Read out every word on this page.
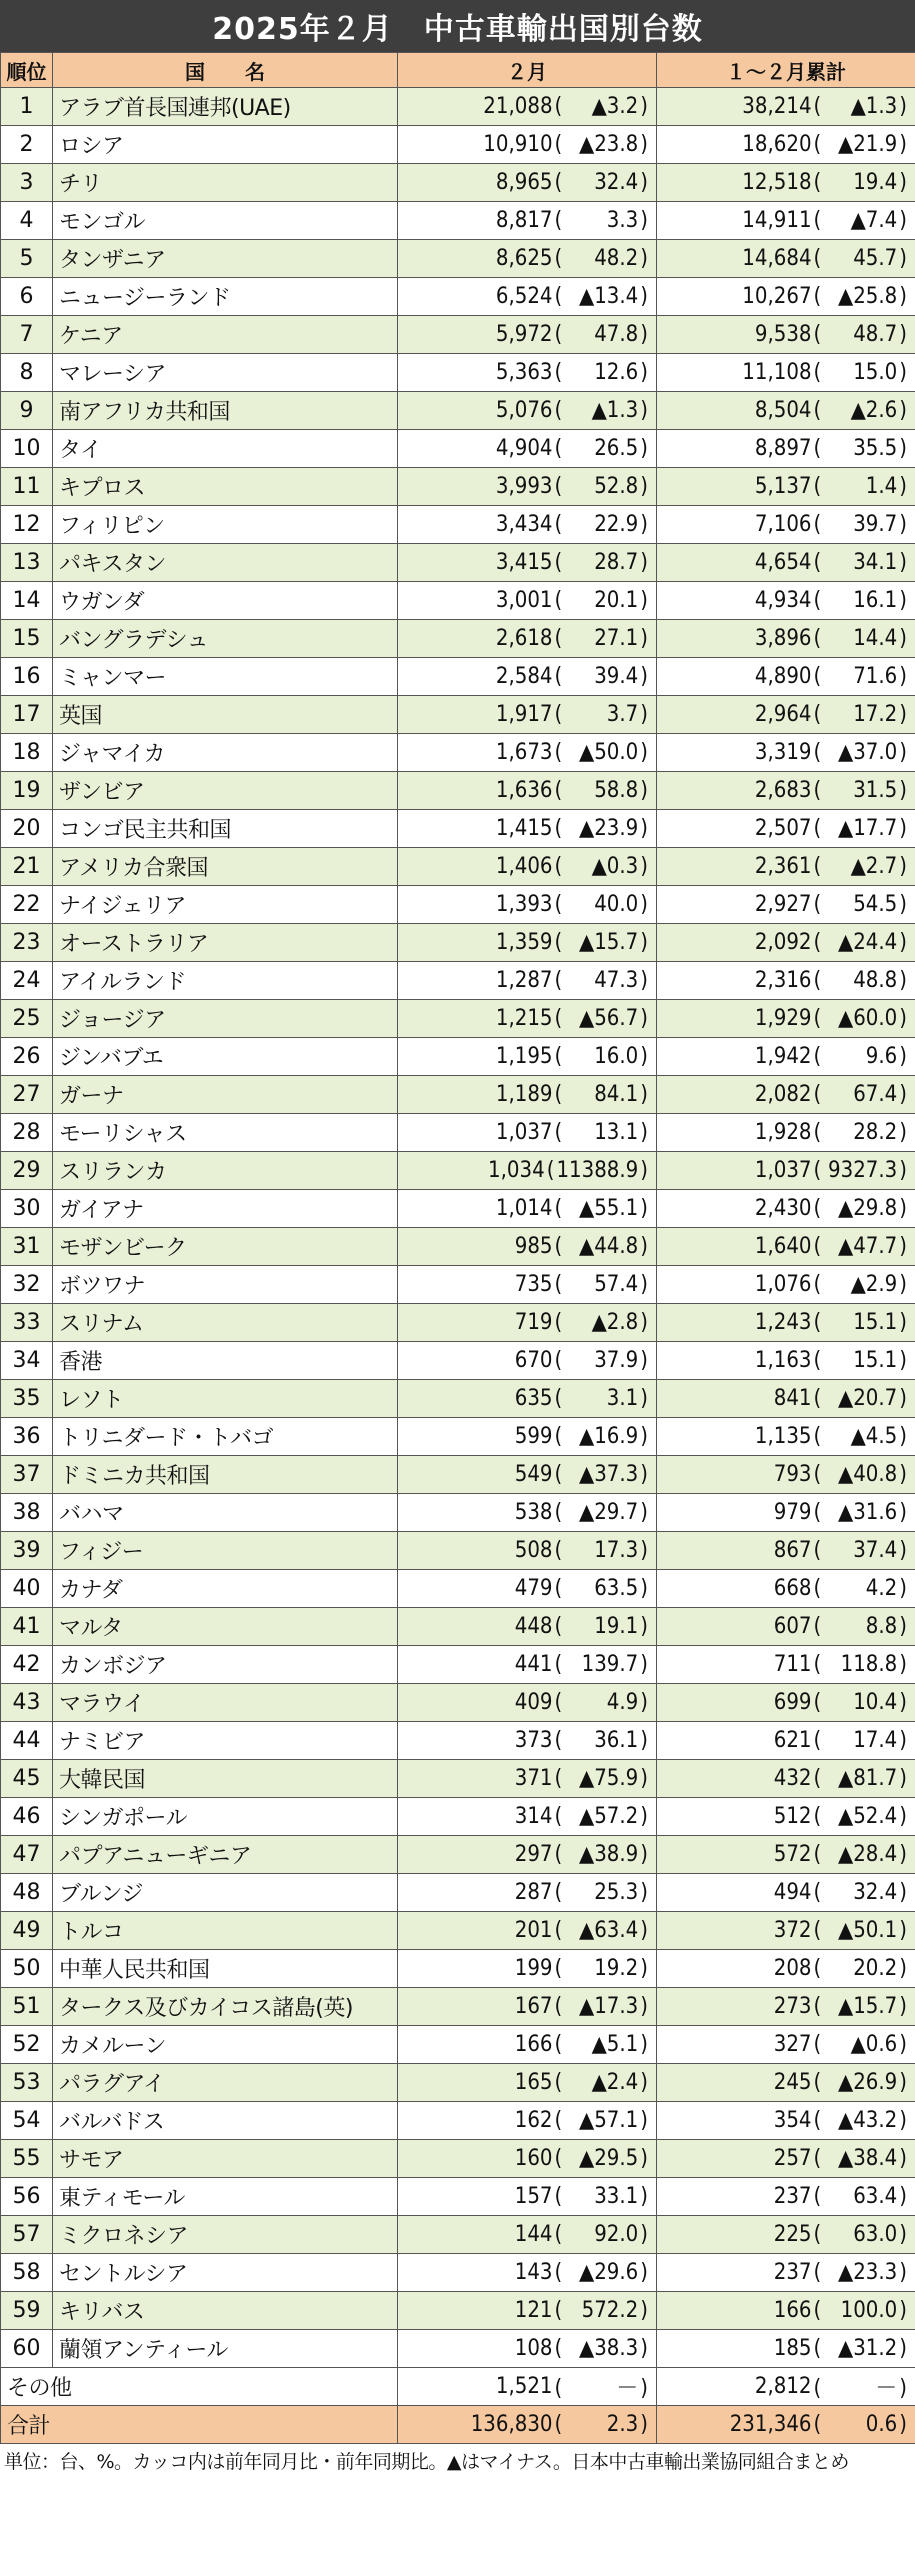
2025年２月　中古車輸出国別台数
順位	国　　名	２月	１～２月累計
1	アラブ首長国連邦(UAE)	21,088 ( ▲3.2)	38,214 ( ▲1.3)

2	ロシア	10,910 ( ▲23.8)	18,620 ( ▲21.9)

3	チリ	8,965 ( 32.4)	12,518 ( 19.4)

4	モンゴル	8,817 ( 3.3)	14,911 ( ▲7.4)

5	タンザニア	8,625 ( 48.2)	14,684 ( 45.7)

6	ニュージーランド	6,524 ( ▲13.4)	10,267 ( ▲25.8)

7	ケニア	5,972 ( 47.8)	9,538 ( 48.7)

8	マレーシア	5,363 ( 12.6)	11,108 ( 15.0)

9	南アフリカ共和国	5,076 ( ▲1.3)	8,504 ( ▲2.6)

10	タイ	4,904 ( 26.5)	8,897 ( 35.5)

11	キプロス	3,993 ( 52.8)	5,137 ( 1.4)

12	フィリピン	3,434 ( 22.9)	7,106 ( 39.7)

13	パキスタン	3,415 ( 28.7)	4,654 ( 34.1)

14	ウガンダ	3,001 ( 20.1)	4,934 ( 16.1)

15	バングラデシュ	2,618 ( 27.1)	3,896 ( 14.4)

16	ミャンマー	2,584 ( 39.4)	4,890 ( 71.6)

17	英国	1,917 ( 3.7)	2,964 ( 17.2)

18	ジャマイカ	1,673 ( ▲50.0)	3,319 ( ▲37.0)

19	ザンビア	1,636 ( 58.8)	2,683 ( 31.5)

20	コンゴ民主共和国	1,415 ( ▲23.9)	2,507 ( ▲17.7)

21	アメリカ合衆国	1,406 ( ▲0.3)	2,361 ( ▲2.7)

22	ナイジェリア	1,393 ( 40.0)	2,927 ( 54.5)

23	オーストラリア	1,359 ( ▲15.7)	2,092 ( ▲24.4)

24	アイルランド	1,287 ( 47.3)	2,316 ( 48.8)

25	ジョージア	1,215 ( ▲56.7)	1,929 ( ▲60.0)

26	ジンバブエ	1,195 ( 16.0)	1,942 ( 9.6)

27	ガーナ	1,189 ( 84.1)	2,082 ( 67.4)

28	モーリシャス	1,037 ( 13.1)	1,928 ( 28.2)

29	スリランカ	1,034 (11388.9)	1,037 ( 9327.3)

30	ガイアナ	1,014 ( ▲55.1)	2,430 ( ▲29.8)

31	モザンビーク	985 ( ▲44.8)	1,640 ( ▲47.7)

32	ボツワナ	735 ( 57.4)	1,076 ( ▲2.9)

33	スリナム	719 ( ▲2.8)	1,243 ( 15.1)

34	香港	670 ( 37.9)	1,163 ( 15.1)

35	レソト	635 ( 3.1)	841 ( ▲20.7)

36	トリニダード・トバゴ	599 ( ▲16.9)	1,135 ( ▲4.5)

37	ドミニカ共和国	549 ( ▲37.3)	793 ( ▲40.8)

38	バハマ	538 ( ▲29.7)	979 ( ▲31.6)

39	フィジー	508 ( 17.3)	867 ( 37.4)

40	カナダ	479 ( 63.5)	668 ( 4.2)

41	マルタ	448 ( 19.1)	607 ( 8.8)

42	カンボジア	441 ( 139.7)	711 ( 118.8)

43	マラウイ	409 ( 4.9)	699 ( 10.4)

44	ナミビア	373 ( 36.1)	621 ( 17.4)

45	大韓民国	371 ( ▲75.9)	432 ( ▲81.7)

46	シンガポール	314 ( ▲57.2)	512 ( ▲52.4)

47	パプアニューギニア	297 ( ▲38.9)	572 ( ▲28.4)

48	ブルンジ	287 ( 25.3)	494 ( 32.4)

49	トルコ	201 ( ▲63.4)	372 ( ▲50.1)

50	中華人民共和国	199 ( 19.2)	208 ( 20.2)

51	タークス及びカイコス諸島(英)	167 ( ▲17.3)	273 ( ▲15.7)

52	カメルーン	166 ( ▲5.1)	327 ( ▲0.6)

53	パラグアイ	165 ( ▲2.4)	245 ( ▲26.9)

54	バルバドス	162 ( ▲57.1)	354 ( ▲43.2)

55	サモア	160 ( ▲29.5)	257 ( ▲38.4)

56	東ティモール	157 ( 33.1)	237 ( 63.4)

57	ミクロネシア	144 ( 92.0)	225 ( 63.0)

58	セントルシア	143 ( ▲29.6)	237 ( ▲23.3)

59	キリバス	121 ( 572.2)	166 ( 100.0)

60	蘭領アンティール	108 ( ▲38.3)	185 ( ▲31.2)

その他		1,521 ( －)	2,812 ( －)

合計		136,830 ( 2.3)	231,346 ( 0.6)
単位：台、%。カッコ内は前年同月比・前年同期比。▲はマイナス。日本中古車輸出業協同組合まとめ
